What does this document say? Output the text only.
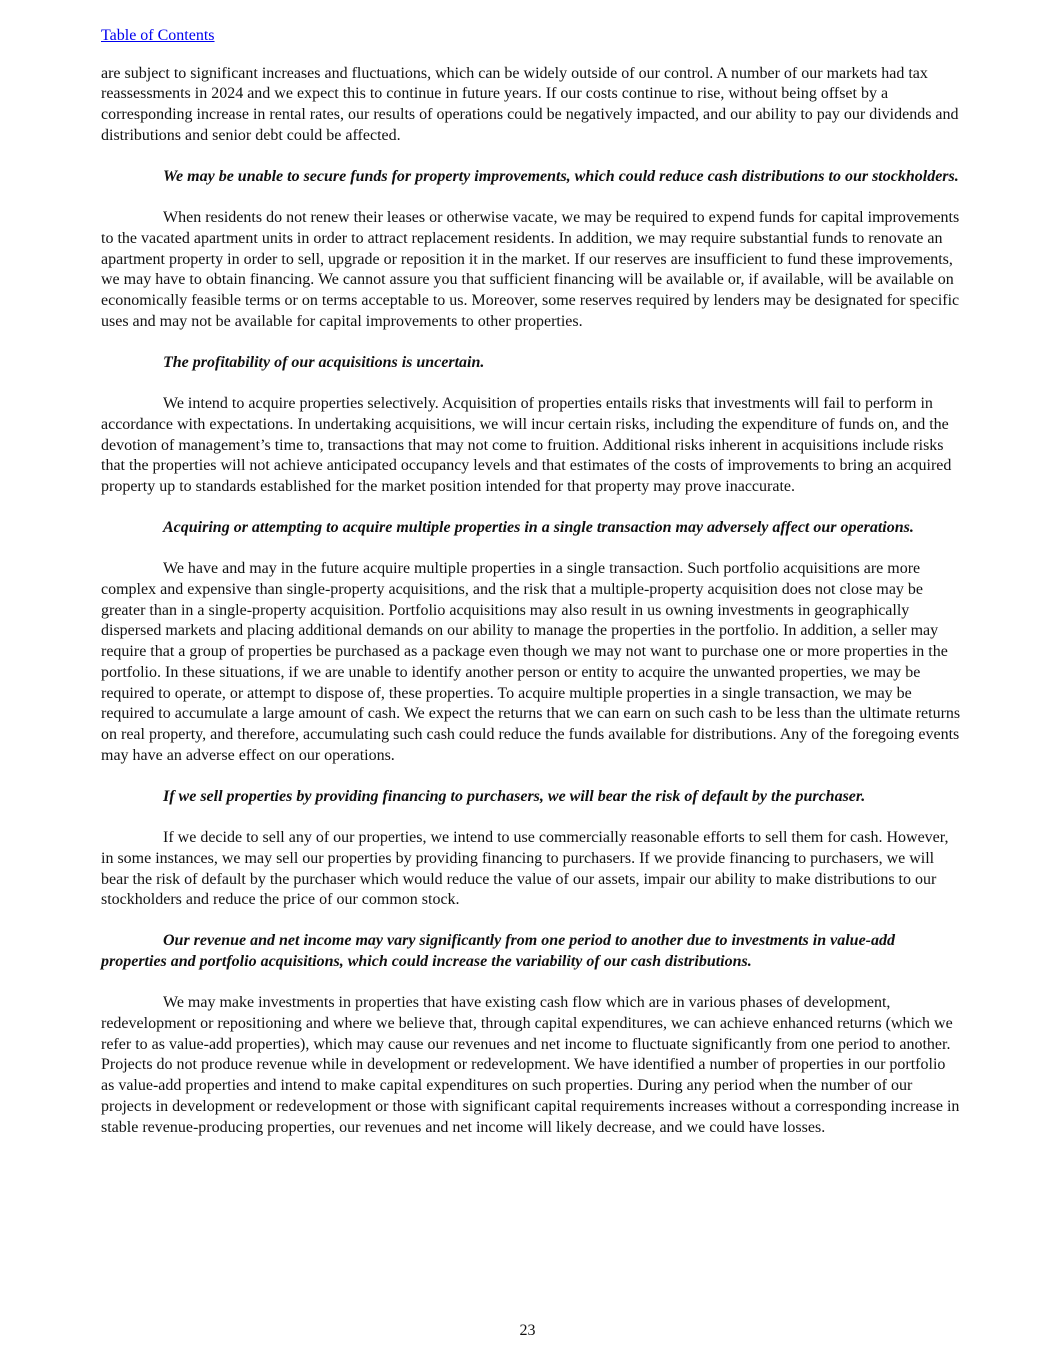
Table of Contents

are subject to significant increases and fluctuations, which can be widely outside of our control. A number of our markets had tax reassessments in 2024 and we expect this to continue in future years. If our costs continue to rise, without being offset by a corresponding increase in rental rates, our results of operations could be negatively impacted, and our ability to pay our dividends and distributions and senior debt could be affected.

We may be unable to secure funds for property improvements, which could reduce cash distributions to our stockholders.

When residents do not renew their leases or otherwise vacate, we may be required to expend funds for capital improvements to the vacated apartment units in order to attract replacement residents. In addition, we may require substantial funds to renovate an apartment property in order to sell, upgrade or reposition it in the market. If our reserves are insufficient to fund these improvements, we may have to obtain financing. We cannot assure you that sufficient financing will be available or, if available, will be available on economically feasible terms or on terms acceptable to us. Moreover, some reserves required by lenders may be designated for specific uses and may not be available for capital improvements to other properties.

The profitability of our acquisitions is uncertain.

We intend to acquire properties selectively. Acquisition of properties entails risks that investments will fail to perform in accordance with expectations. In undertaking acquisitions, we will incur certain risks, including the expenditure of funds on, and the devotion of management’s time to, transactions that may not come to fruition. Additional risks inherent in acquisitions include risks that the properties will not achieve anticipated occupancy levels and that estimates of the costs of improvements to bring an acquired property up to standards established for the market position intended for that property may prove inaccurate.

Acquiring or attempting to acquire multiple properties in a single transaction may adversely affect our operations.

We have and may in the future acquire multiple properties in a single transaction. Such portfolio acquisitions are more complex and expensive than single-property acquisitions, and the risk that a multiple-property acquisition does not close may be greater than in a single-property acquisition. Portfolio acquisitions may also result in us owning investments in geographically dispersed markets and placing additional demands on our ability to manage the properties in the portfolio. In addition, a seller may require that a group of properties be purchased as a package even though we may not want to purchase one or more properties in the portfolio. In these situations, if we are unable to identify another person or entity to acquire the unwanted properties, we may be required to operate, or attempt to dispose of, these properties. To acquire multiple properties in a single transaction, we may be required to accumulate a large amount of cash. We expect the returns that we can earn on such cash to be less than the ultimate returns on real property, and therefore, accumulating such cash could reduce the funds available for distributions. Any of the foregoing events may have an adverse effect on our operations.

If we sell properties by providing financing to purchasers, we will bear the risk of default by the purchaser.

If we decide to sell any of our properties, we intend to use commercially reasonable efforts to sell them for cash. However, in some instances, we may sell our properties by providing financing to purchasers. If we provide financing to purchasers, we will bear the risk of default by the purchaser which would reduce the value of our assets, impair our ability to make distributions to our stockholders and reduce the price of our common stock.

Our revenue and net income may vary significantly from one period to another due to investments in value-add properties and portfolio acquisitions, which could increase the variability of our cash distributions.

We may make investments in properties that have existing cash flow which are in various phases of development, redevelopment or repositioning and where we believe that, through capital expenditures, we can achieve enhanced returns (which we refer to as value-add properties), which may cause our revenues and net income to fluctuate significantly from one period to another. Projects do not produce revenue while in development or redevelopment. We have identified a number of properties in our portfolio as value-add properties and intend to make capital expenditures on such properties. During any period when the number of our projects in development or redevelopment or those with significant capital requirements increases without a corresponding increase in stable revenue-producing properties, our revenues and net income will likely decrease, and we could have losses.

23
